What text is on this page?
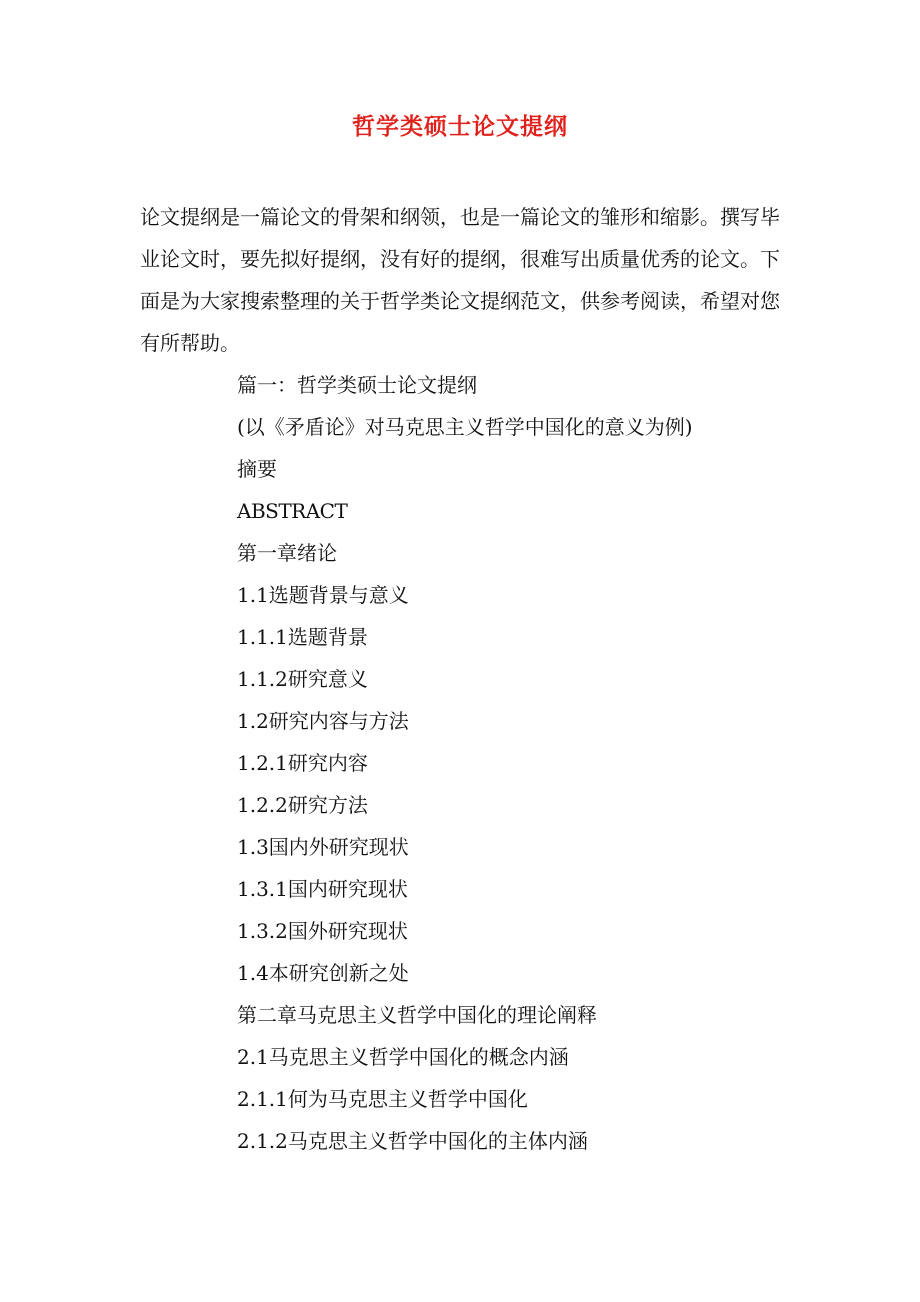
哲学类硕士论文提纲

论文提纲是一篇论文的骨架和纲领，也是一篇论文的雏形和缩影。撰写毕业论文时，要先拟好提纲，没有好的提纲，很难写出质量优秀的论文。下面是为大家搜索整理的关于哲学类论文提纲范文，供参考阅读，希望对您有所帮助。

篇一：哲学类硕士论文提纲
(以《矛盾论》对马克思主义哲学中国化的意义为例)
摘要
ABSTRACT
第一章绪论
1.1选题背景与意义
1.1.1选题背景
1.1.2研究意义
1.2研究内容与方法
1.2.1研究内容
1.2.2研究方法
1.3国内外研究现状
1.3.1国内研究现状
1.3.2国外研究现状
1.4本研究创新之处
第二章马克思主义哲学中国化的理论阐释
2.1马克思主义哲学中国化的概念内涵
2.1.1何为马克思主义哲学中国化
2.1.2马克思主义哲学中国化的主体内涵
